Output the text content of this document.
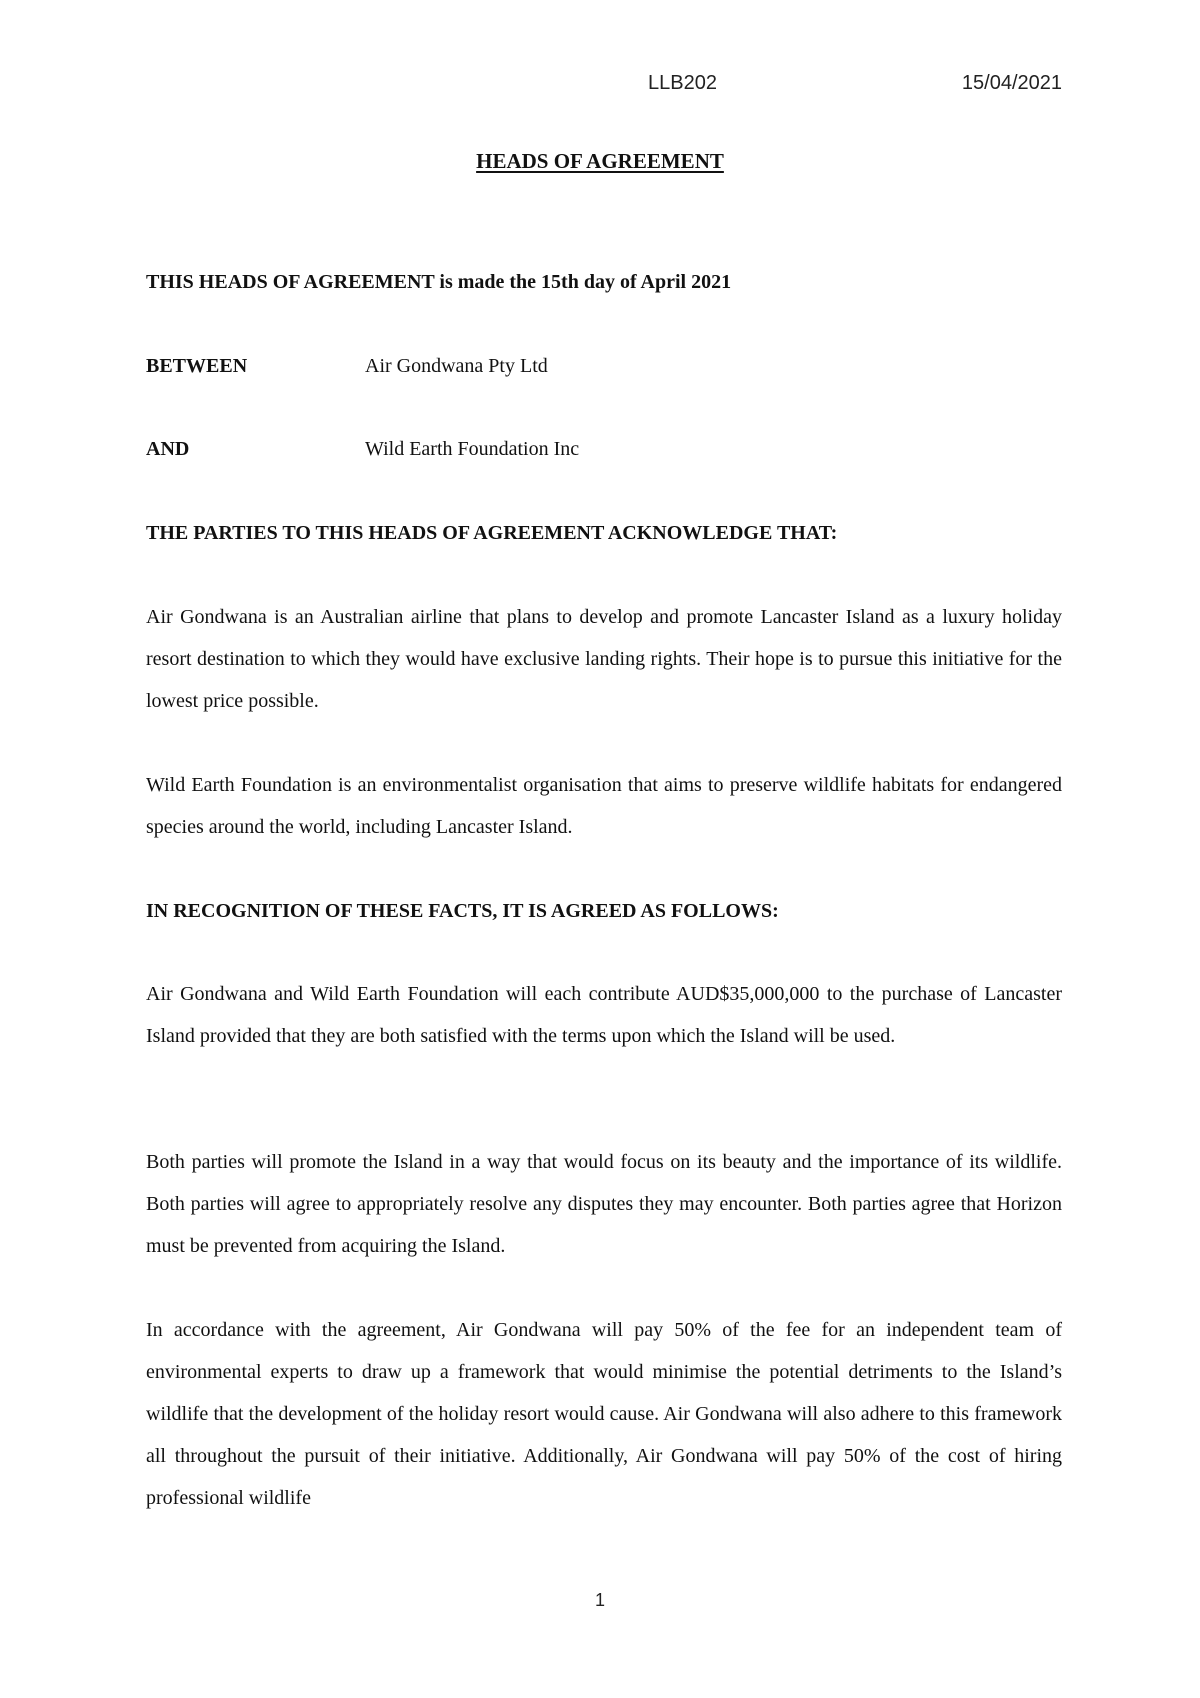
LLB202	15/04/2021
HEADS OF AGREEMENT
THIS HEADS OF AGREEMENT is made the 15th day of April 2021
BETWEEN	Air Gondwana Pty Ltd
AND	Wild Earth Foundation Inc
THE PARTIES TO THIS HEADS OF AGREEMENT ACKNOWLEDGE THAT:

Air Gondwana is an Australian airline that plans to develop and promote Lancaster Island as a luxury holiday resort destination to which they would have exclusive landing rights. Their hope is to pursue this initiative for the lowest price possible.

Wild Earth Foundation is an environmentalist organisation that aims to preserve wildlife habitats for endangered species around the world, including Lancaster Island.

IN RECOGNITION OF THESE FACTS, IT IS AGREED AS FOLLOWS:

Air Gondwana and Wild Earth Foundation will each contribute AUD$35,000,000 to the purchase of Lancaster Island provided that they are both satisfied with the terms upon which the Island will be used.

Both parties will promote the Island in a way that would focus on its beauty and the importance of its wildlife. Both parties will agree to appropriately resolve any disputes they may encounter. Both parties agree that Horizon must be prevented from acquiring the Island.

In accordance with the agreement, Air Gondwana will pay 50% of the fee for an independent team of environmental experts to draw up a framework that would minimise the potential detriments to the Island’s wildlife that the development of the holiday resort would cause. Air Gondwana will also adhere to this framework all throughout the pursuit of their initiative. Additionally, Air Gondwana will pay 50% of the cost of hiring professional wildlife

1
